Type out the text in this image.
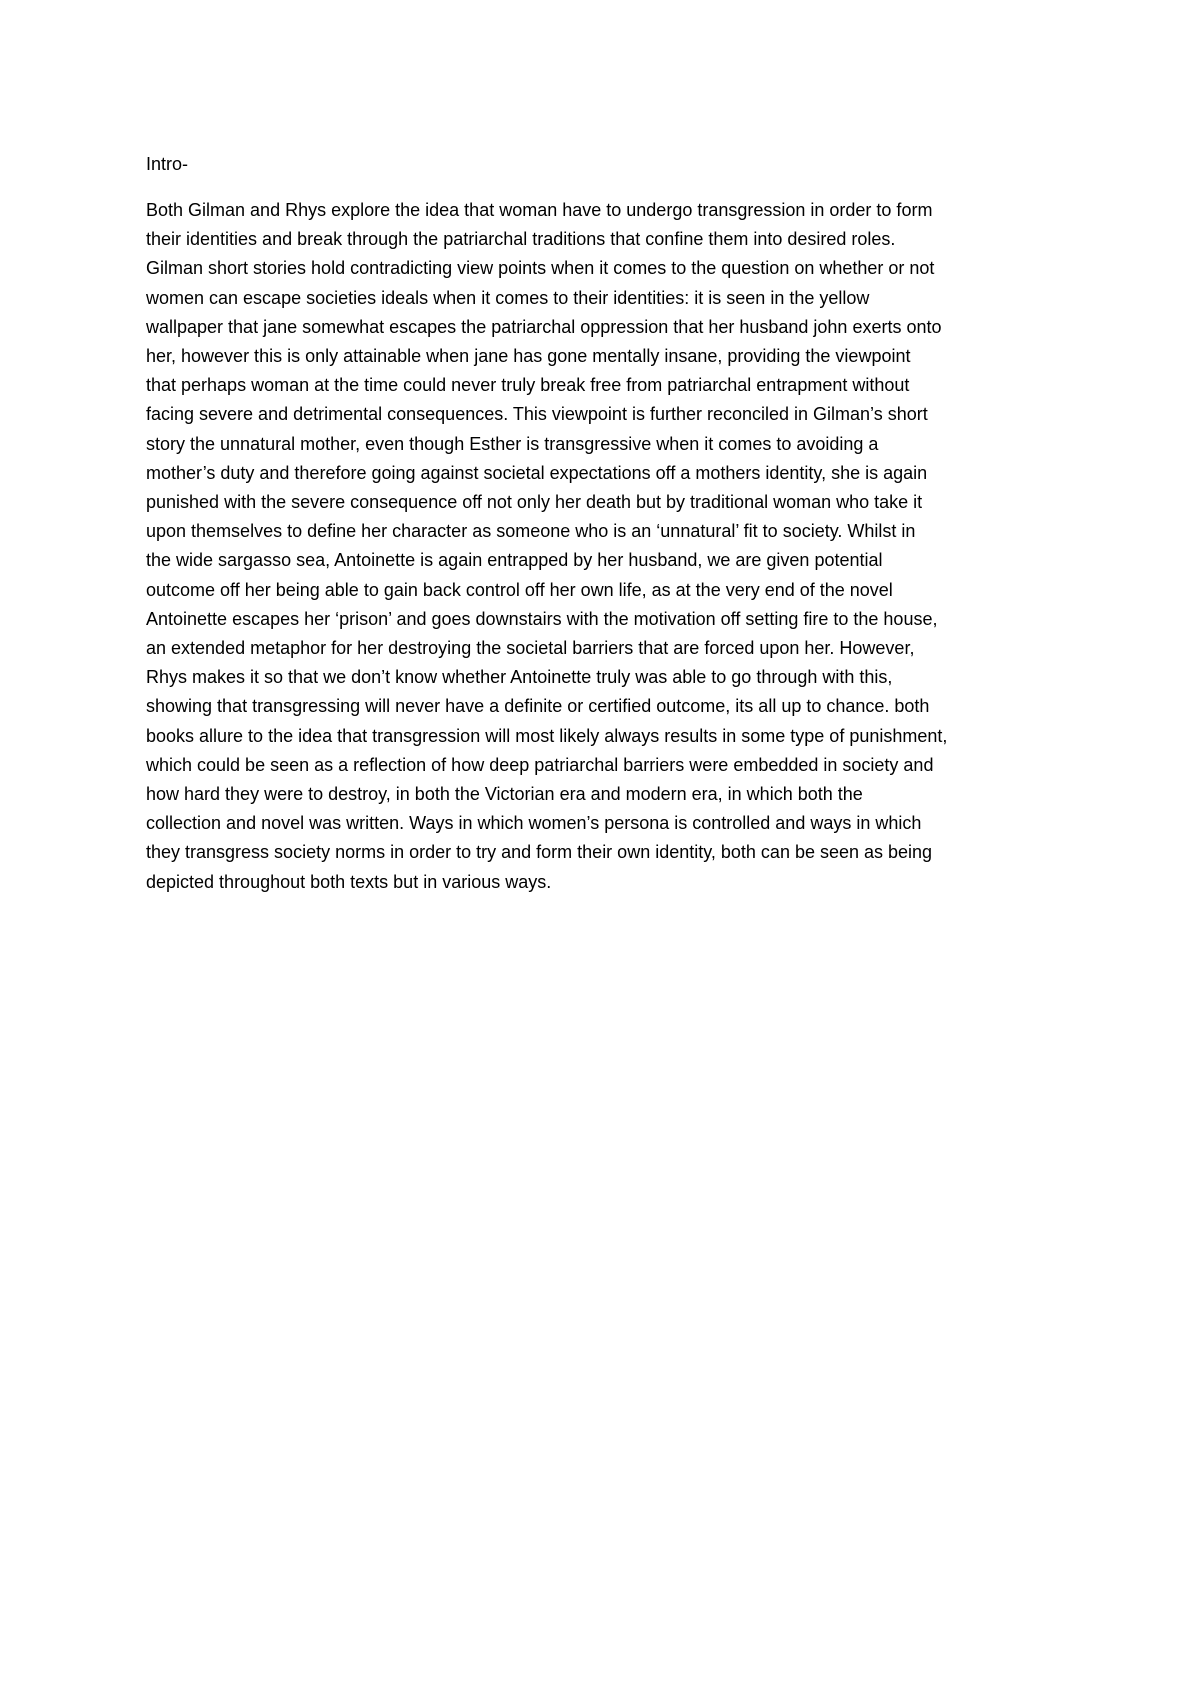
Intro-

Both Gilman and Rhys explore the idea that woman have to undergo transgression in order to form
their identities and break through the patriarchal traditions that confine them into desired roles.
Gilman short stories hold contradicting view points when it comes to the question on whether or not
women can escape societies ideals when it comes to their identities: it is seen in the yellow
wallpaper that jane somewhat escapes the patriarchal oppression that her husband john exerts onto
her, however this is only attainable when jane has gone mentally insane, providing the viewpoint
that perhaps woman at the time could never truly break free from patriarchal entrapment without
facing severe and detrimental consequences. This viewpoint is further reconciled in Gilman’s short
story the unnatural mother, even though Esther is transgressive when it comes to avoiding a
mother’s duty and therefore going against societal expectations off a mothers identity, she is again
punished with the severe consequence off not only her death but by traditional woman who take it
upon themselves to define her character as someone who is an ‘unnatural’ fit to society. Whilst in
the wide sargasso sea, Antoinette is again entrapped by her husband, we are given potential
outcome off her being able to gain back control off her own life, as at the very end of the novel
Antoinette escapes her ‘prison’ and goes downstairs with the motivation off setting fire to the house,
an extended metaphor for her destroying the societal barriers that are forced upon her. However,
Rhys makes it so that we don’t know whether Antoinette truly was able to go through with this,
showing that transgressing will never have a definite or certified outcome, its all up to chance. both
books allure to the idea that transgression will most likely always results in some type of punishment,
which could be seen as a reflection of how deep patriarchal barriers were embedded in society and
how hard they were to destroy, in both the Victorian era and modern era, in which both the
collection and novel was written. Ways in which women’s persona is controlled and ways in which
they transgress society norms in order to try and form their own identity, both can be seen as being
depicted throughout both texts but in various ways.
